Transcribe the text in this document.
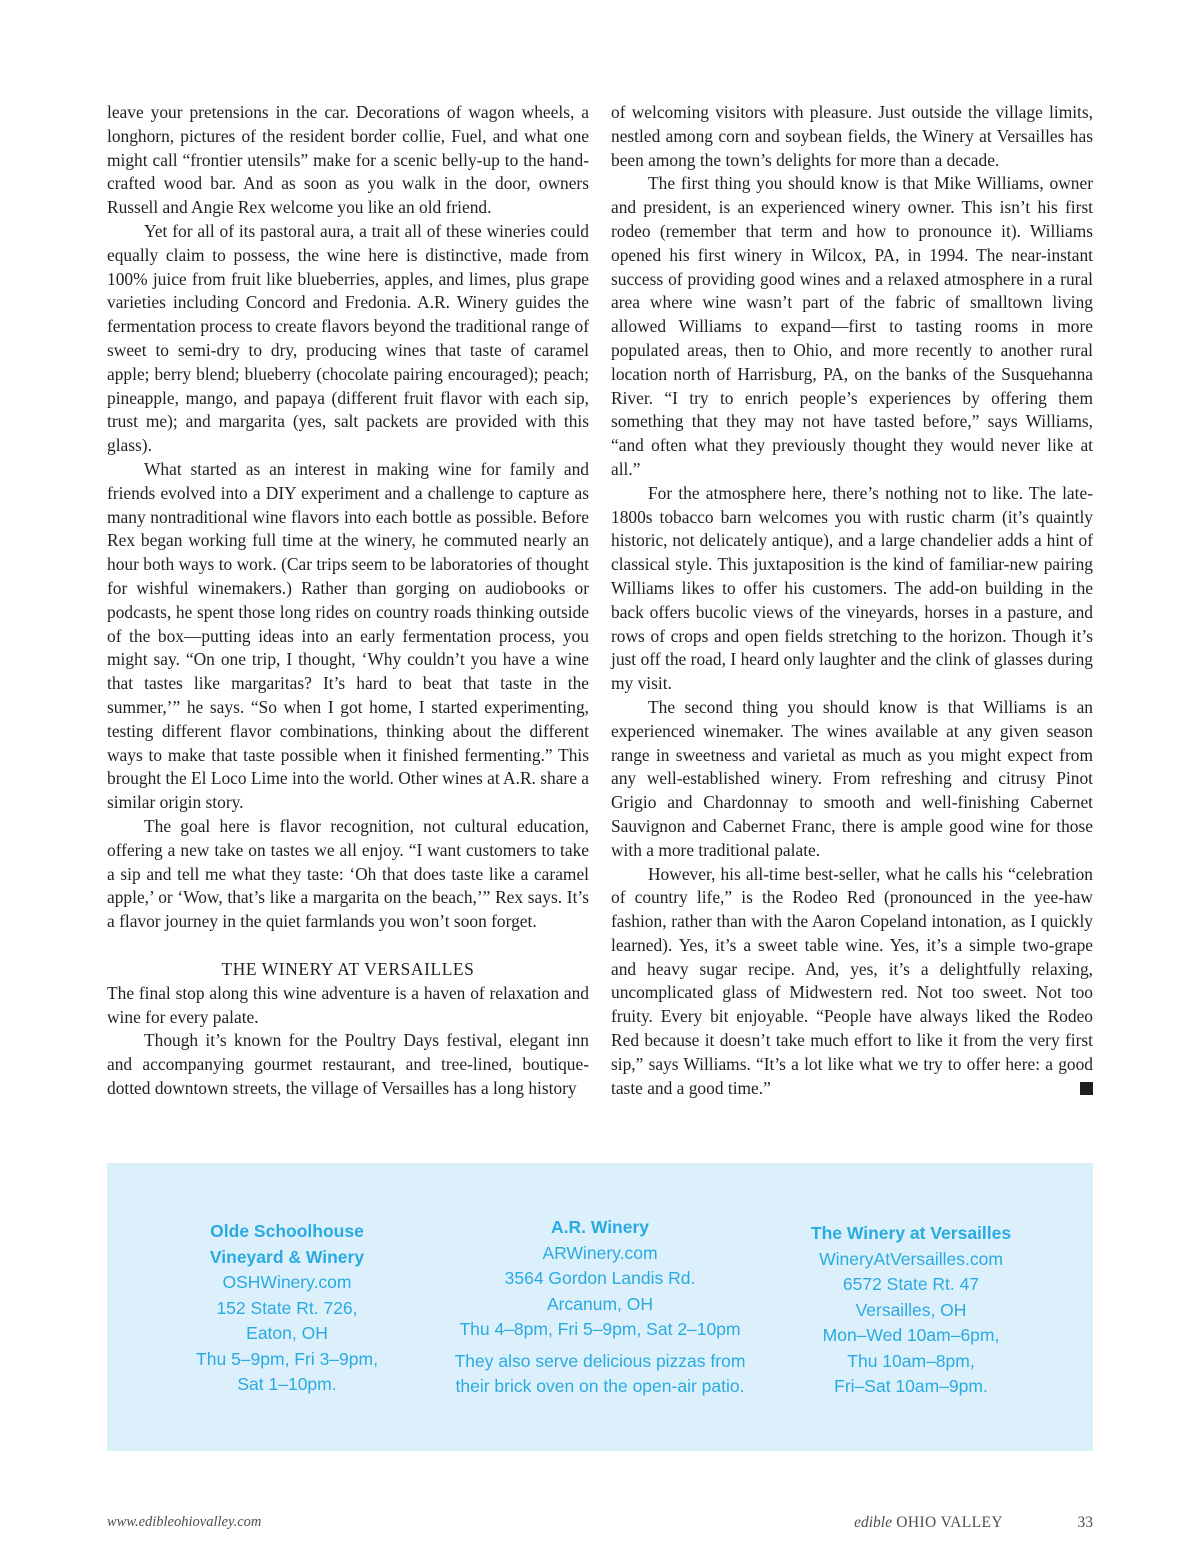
leave your pretensions in the car. Decorations of wagon wheels, a longhorn, pictures of the resident border collie, Fuel, and what one might call “frontier utensils” make for a scenic belly-up to the hand-crafted wood bar. And as soon as you walk in the door, owners Russell and Angie Rex welcome you like an old friend.

Yet for all of its pastoral aura, a trait all of these wineries could equally claim to possess, the wine here is distinctive, made from 100% juice from fruit like blueberries, apples, and limes, plus grape varieties including Concord and Fredonia. A.R. Winery guides the fermentation process to create flavors beyond the traditional range of sweet to semi-dry to dry, producing wines that taste of caramel apple; berry blend; blueberry (chocolate pairing encouraged); peach; pineapple, mango, and papaya (different fruit flavor with each sip, trust me); and margarita (yes, salt packets are provided with this glass).

What started as an interest in making wine for family and friends evolved into a DIY experiment and a challenge to capture as many nontraditional wine flavors into each bottle as possible. Before Rex began working full time at the winery, he commuted nearly an hour both ways to work. (Car trips seem to be laboratories of thought for wishful winemakers.) Rather than gorging on audiobooks or podcasts, he spent those long rides on country roads thinking outside of the box—putting ideas into an early fermentation process, you might say. “On one trip, I thought, ‘Why couldn’t you have a wine that tastes like margaritas? It’s hard to beat that taste in the summer,’” he says. “So when I got home, I started experimenting, testing different flavor combinations, thinking about the different ways to make that taste possible when it finished fermenting.” This brought the El Loco Lime into the world. Other wines at A.R. share a similar origin story.

The goal here is flavor recognition, not cultural education, offering a new take on tastes we all enjoy. “I want customers to take a sip and tell me what they taste: ‘Oh that does taste like a caramel apple,’ or ‘Wow, that’s like a margarita on the beach,’” Rex says. It’s a flavor journey in the quiet farmlands you won’t soon forget.

THE WINERY AT VERSAILLES

The final stop along this wine adventure is a haven of relaxation and wine for every palate.

Though it’s known for the Poultry Days festival, elegant inn and accompanying gourmet restaurant, and tree-lined, boutique-dotted downtown streets, the village of Versailles has a long history

of welcoming visitors with pleasure. Just outside the village limits, nestled among corn and soybean fields, the Winery at Versailles has been among the town’s delights for more than a decade.

The first thing you should know is that Mike Williams, owner and president, is an experienced winery owner. This isn’t his first rodeo (remember that term and how to pronounce it). Williams opened his first winery in Wilcox, PA, in 1994. The near-instant success of providing good wines and a relaxed atmosphere in a rural area where wine wasn’t part of the fabric of smalltown living allowed Williams to expand—first to tasting rooms in more populated areas, then to Ohio, and more recently to another rural location north of Harrisburg, PA, on the banks of the Susquehanna River. “I try to enrich people’s experiences by offering them something that they may not have tasted before,” says Williams, “and often what they previously thought they would never like at all.”

For the atmosphere here, there’s nothing not to like. The late-1800s tobacco barn welcomes you with rustic charm (it’s quaintly historic, not delicately antique), and a large chandelier adds a hint of classical style. This juxtaposition is the kind of familiar-new pairing Williams likes to offer his customers. The add-on building in the back offers bucolic views of the vineyards, horses in a pasture, and rows of crops and open fields stretching to the horizon. Though it’s just off the road, I heard only laughter and the clink of glasses during my visit.

The second thing you should know is that Williams is an experienced winemaker. The wines available at any given season range in sweetness and varietal as much as you might expect from any well-established winery. From refreshing and citrusy Pinot Grigio and Chardonnay to smooth and well-finishing Cabernet Sauvignon and Cabernet Franc, there is ample good wine for those with a more traditional palate.

However, his all-time best-seller, what he calls his “celebration of country life,” is the Rodeo Red (pronounced in the yee-haw fashion, rather than with the Aaron Copeland intonation, as I quickly learned). Yes, it’s a sweet table wine. Yes, it’s a simple two-grape and heavy sugar recipe. And, yes, it’s a delightfully relaxing, uncomplicated glass of Midwestern red. Not too sweet. Not too fruity. Every bit enjoyable. “People have always liked the Rodeo Red because it doesn’t take much effort to like it from the very first sip,” says Williams. “It’s a lot like what we try to offer here: a good taste and a good time.”

Olde Schoolhouse
Vineyard & Winery
OSHWinery.com
152 State Rt. 726,
Eaton, OH
Thu 5–9pm, Fri 3–9pm,
Sat 1–10pm.
A.R. Winery
ARWinery.com
3564 Gordon Landis Rd.
Arcanum, OH
Thu 4–8pm, Fri 5–9pm, Sat 2–10pm
They also serve delicious pizzas from
their brick oven on the open-air patio.
The Winery at Versailles
WineryAtVersailles.com
6572 State Rt. 47
Versailles, OH
Mon–Wed 10am–6pm,
Thu 10am–8pm,
Fri–Sat 10am–9pm.
www.edibleohiovalley.com	edible OHIO VALLEY	33
